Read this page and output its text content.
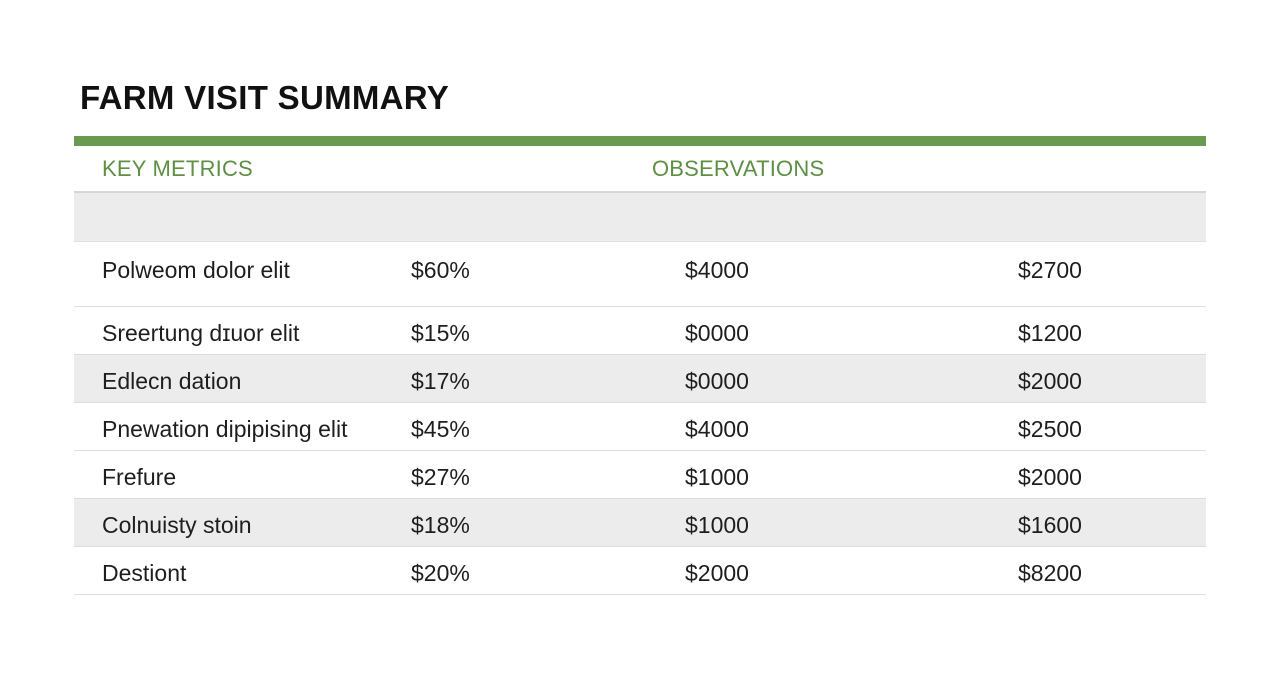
FARM VISIT SUMMARY
KEY METRICS	OBSERVATIONS
Polweom dolor elit	$60%	$4000	$2700
Sreertung dɪuor elit	$15%	$0000	$1200
Edlecn dation	$17%	$0000	$2000
Pnewation dipipising elit	$45%	$4000	$2500
Frefure	$27%	$1000	$2000
Colnuisty stoin	$18%	$1000	$1600
Destiont	$20%	$2000	$8200
